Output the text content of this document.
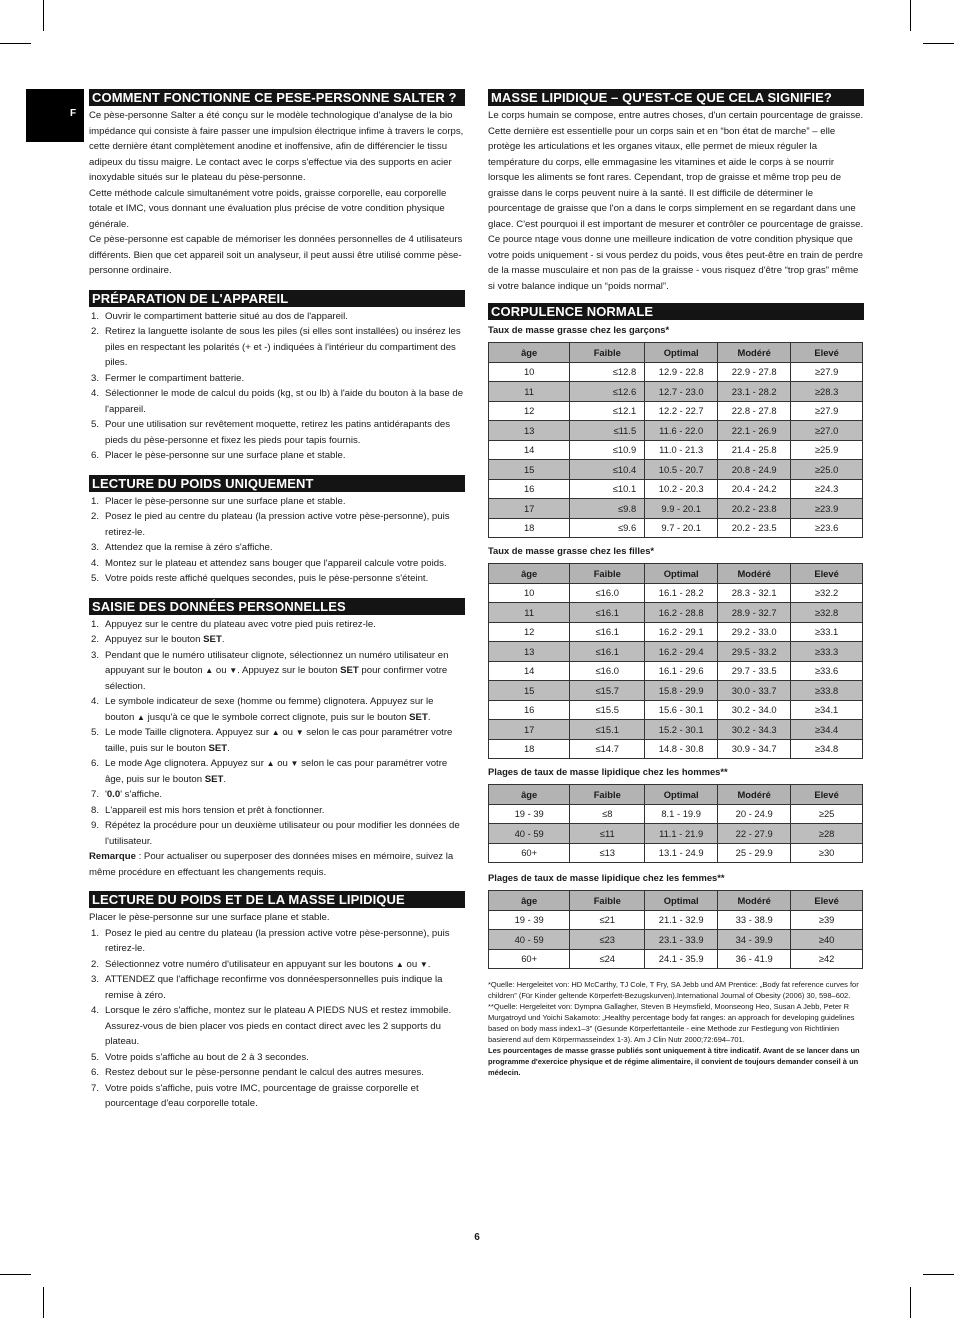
F
COMMENT FONCTIONNE CE PESE-PERSONNE SALTER ?

Ce pèse-personne Salter a été conçu sur le modèle technologique d'analyse de la bio impédance qui consiste à faire passer une impulsion électrique infime à travers le corps, cette dernière étant complètement anodine et inoffensive, afin de différencier le tissu adipeux du tissu maigre. Le contact avec le corps s'effectue via des supports en acier inoxydable situés sur le plateau du pèse-personne.

Cette méthode calcule simultanément votre poids, graisse corporelle, eau corporelle totale et IMC, vous donnant une évaluation plus précise de votre condition physique générale.

Ce pèse-personne est capable de mémoriser les données personnelles de 4 utilisateurs différents. Bien que cet appareil soit un analyseur, il peut aussi être utilisé comme pèse-personne ordinaire.

PRÉPARATION DE L'APPAREIL
1. Ouvrir le compartiment batterie situé au dos de l'appareil.
2. Retirez la languette isolante de sous les piles (si elles sont installées) ou insérez les piles en respectant les polarités (+ et -) indiquées à l'intérieur du compartiment des piles.
3. Fermer le compartiment batterie.
4. Sélectionner le mode de calcul du poids (kg, st ou lb) à l'aide du bouton à la base de l'appareil.
5. Pour une utilisation sur revêtement moquette, retirez les patins antidérapants des pieds du pèse-personne et fixez les pieds pour tapis fournis.
6. Placer le pèse-personne sur une surface plane et stable.
LECTURE DU POIDS UNIQUEMENT
1. Placer le pèse-personne sur une surface plane et stable.
2. Posez le pied au centre du plateau (la pression active votre pèse-personne), puis retirez-le.
3. Attendez que la remise à zéro s'affiche.
4. Montez sur le plateau et attendez sans bouger que l'appareil calcule votre poids.
5. Votre poids reste affiché quelques secondes, puis le pèse-personne s'éteint.
SAISIE DES DONNÉES PERSONNELLES
1. Appuyez sur le centre du plateau avec votre pied puis retirez-le.
2. Appuyez sur le bouton SET.
3. Pendant que le numéro utilisateur clignote, sélectionnez un numéro utilisateur en appuyant sur le bouton ▲ ou ▼. Appuyez sur le bouton SET pour confirmer votre sélection.
4. Le symbole indicateur de sexe (homme ou femme) clignotera. Appuyez sur le bouton ▲ jusqu'à ce que le symbole correct clignote, puis sur le bouton SET.
5. Le mode Taille clignotera. Appuyez sur ▲ ou ▼ selon le cas pour paramétrer votre taille, puis sur le bouton SET.
6. Le mode Age clignotera. Appuyez sur ▲ ou ▼ selon le cas pour paramétrer votre âge, puis sur le bouton SET.
7. '0.0' s'affiche.
8. L'appareil est mis hors tension et prêt à fonctionner.
9. Répétez la procédure pour un deuxième utilisateur ou pour modifier les données de l'utilisateur.

Remarque : Pour actualiser ou superposer des données mises en mémoire, suivez la même procédure en effectuant les changements requis.

LECTURE DU POIDS ET DE LA MASSE LIPIDIQUE

Placer le pèse-personne sur une surface plane et stable.

1. Posez le pied au centre du plateau (la pression active votre pèse-personne), puis retirez-le.
2. Sélectionnez votre numéro d'utilisateur en appuyant sur les boutons ▲ ou ▼.
3. ATTENDEZ que l'affichage reconfirme vos donnéespersonnelles puis indique la remise à zéro.
4. Lorsque le zéro s'affiche, montez sur le plateau A PIEDS NUS et restez immobile. Assurez-vous de bien placer vos pieds en contact direct avec les 2 supports du plateau.
5. Votre poids s'affiche au bout de 2 à 3 secondes.
6. Restez debout sur le pèse-personne pendant le calcul des autres mesures.
7. Votre poids s'affiche, puis votre IMC, pourcentage de graisse corporelle et pourcentage d'eau corporelle totale.
MASSE LIPIDIQUE – QU'EST-CE QUE CELA SIGNIFIE?

Le corps humain se compose, entre autres choses, d'un certain pourcentage de graisse. Cette dernière est essentielle pour un corps sain et en “bon état de marche” – elle protège les articulations et les organes vitaux, elle permet de mieux réguler la température du corps, elle emmagasine les vitamines et aide le corps à se nourrir lorsque les aliments se font rares. Cependant, trop de graisse et même trop peu de graisse dans le corps peuvent nuire à la santé. Il est difficile de déterminer le pourcentage de graisse que l'on a dans le corps simplement en se regardant dans une glace. C'est pourquoi il est important de mesurer et contrôler ce pourcentage de graisse. Ce pource ntage vous donne une meilleure indication de votre condition physique que votre poids uniquement - si vous perdez du poids, vous êtes peut-être en train de perdre de la masse musculaire et non pas de la graisse - vous risquez d'être “trop gras” même si votre balance indique un “poids normal”.

CORPULENCE NORMALE
Taux de masse grasse chez les garçons*
âge	Faible	Optimal	Modéré	Elevé
10	≤12.8	12.9 - 22.8	22.9 - 27.8	≥27.9
11	≤12.6	12.7 - 23.0	23.1 - 28.2	≥28.3
12	≤12.1	12.2 - 22.7	22.8 - 27.8	≥27.9
13	≤11.5	11.6 - 22.0	22.1 - 26.9	≥27.0
14	≤10.9	11.0 - 21.3	21.4 - 25.8	≥25.9
15	≤10.4	10.5 - 20.7	20.8 - 24.9	≥25.0
16	≤10.1	10.2 - 20.3	20.4 - 24.2	≥24.3
17	≤9.8	9.9 - 20.1	20.2 - 23.8	≥23.9
18	≤9.6	9.7 - 20.1	20.2 - 23.5	≥23.6
Taux de masse grasse chez les filles*
âge	Faible	Optimal	Modéré	Elevé
10	≤16.0	16.1 - 28.2	28.3 - 32.1	≥32.2
11	≤16.1	16.2 - 28.8	28.9 - 32.7	≥32.8
12	≤16.1	16.2 - 29.1	29.2 - 33.0	≥33.1
13	≤16.1	16.2 - 29.4	29.5 - 33.2	≥33.3
14	≤16.0	16.1 - 29.6	29.7 - 33.5	≥33.6
15	≤15.7	15.8 - 29.9	30.0 - 33.7	≥33.8
16	≤15.5	15.6 - 30.1	30.2 - 34.0	≥34.1
17	≤15.1	15.2 - 30.1	30.2 - 34.3	≥34.4
18	≤14.7	14.8 - 30.8	30.9 - 34.7	≥34.8
Plages de taux de masse lipidique chez les hommes**
âge	Faible	Optimal	Modéré	Elevé
19 - 39	≤8	8.1 - 19.9	20 - 24.9	≥25
40 - 59	≤11	11.1 - 21.9	22 - 27.9	≥28
60+	≤13	13.1 - 24.9	25 - 29.9	≥30
Plages de taux de masse lipidique chez les femmes**
âge	Faible	Optimal	Modéré	Elevé
19 - 39	≤21	21.1 - 32.9	33 - 38.9	≥39
40 - 59	≤23	23.1 - 33.9	34 - 39.9	≥40
60+	≤24	24.1 - 35.9	36 - 41.9	≥42
*Quelle: Hergeleitet von: HD McCarthy, TJ Cole, T Fry, SA Jebb und AM Prentice: „Body fat reference curves for children” (Für Kinder geltende Körperfett-Bezugskurven).International Journal of Obesity (2006) 30, 598–602.
**Quelle: Hergeleitet von: Dympna Gallagher, Steven B Heymsfield, Moonseong Heo, Susan A Jebb, Peter R Murgatroyd und Yoichi Sakamoto: „Healthy percentage body fat ranges: an approach for developing guidelines based on body mass index1–3” (Gesunde Körperfettanteile - eine Methode zur Festlegung von Richtlinien basierend auf dem Körpermasseindex 1-3). Am J Clin Nutr 2000;72:694–701.
Les pourcentages de masse grasse publiés sont uniquement à titre indicatif. Avant de se lancer dans un programme d'exercice physique et de régime alimentaire, il convient de toujours demander conseil à un médecin.
6
